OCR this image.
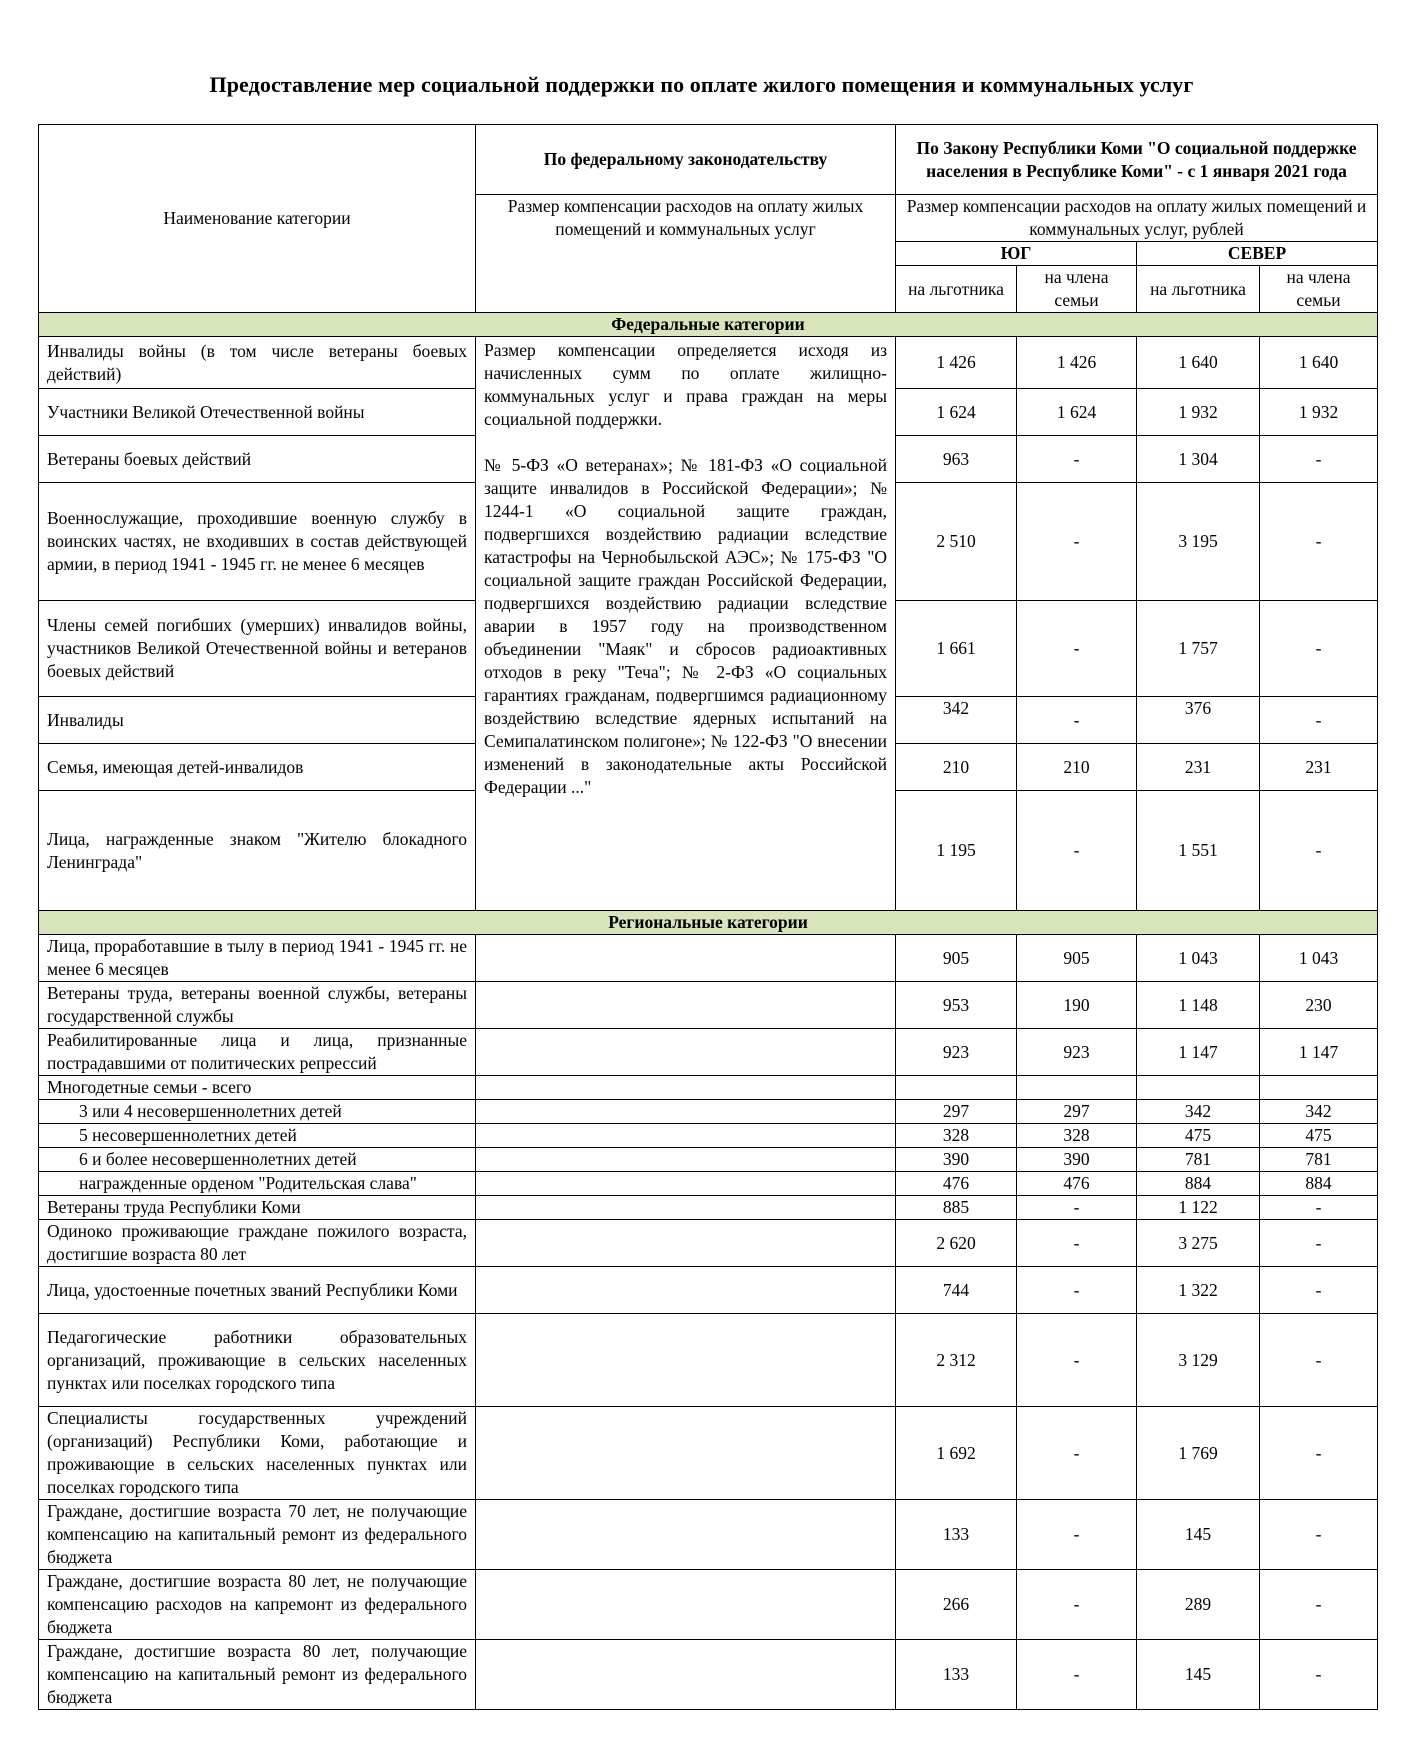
Предоставление мер социальной поддержки по оплате жилого помещения и коммунальных услуг
Наименование категории	По федеральному законодательству	По Закону Республики Коми "О социальной поддержке населения в Республике Коми" - с 1 января 2021 года			
	Размер компенсации расходов на оплату жилых помещений и коммунальных услуг	Размер компенсации расходов на оплату жилых помещений и коммунальных услуг, рублей			
		ЮГ		СЕВЕР	
		на льготника	на члена семьи	на льготника	на члена семьи
Федеральные категории					
Инвалиды войны (в том числе ветераны боевых действий)	Размер компенсации определяется исходя из начисленных сумм по оплате жилищно-коммунальных услуг и права граждан на меры социальной поддержки.

№ 5-ФЗ «О ветеранах»; № 181-ФЗ «О социальной защите инвалидов в Российской Федерации»; № 1244-1 «О социальной защите граждан, подвергшихся воздействию радиации вследствие катастрофы на Чернобыльской АЭС»; № 175-ФЗ "О социальной защите граждан Российской Федерации, подвергшихся воздействию радиации вследствие аварии в 1957 году на производственном объединении "Маяк" и сбросов радиоактивных отходов в реку "Теча"; № 2-ФЗ «О социальных гарантиях гражданам, подвергшимся радиационному воздействию вследствие ядерных испытаний на Семипалатинском полигоне»; № 122-ФЗ "О внесении изменений в законодательные акты Российской Федерации ..."	1 426	1 426	1 640	1 640
Участники Великой Отечественной войны		1 624	1 624	1 932	1 932
Ветераны боевых действий		963	-	1 304	-
Военнослужащие, проходившие военную службу в воинских частях, не входивших в состав действующей армии, в период 1941 - 1945 гг. не менее 6 месяцев		2 510	-	3 195	-
Члены семей погибших (умерших) инвалидов войны, участников Великой Отечественной войны и ветеранов боевых действий		1 661	-	1 757	-
Инвалиды		342	-	376	-
Семья, имеющая детей-инвалидов		210	210	231	231
Лица, награжденные знаком "Жителю блокадного Ленинграда"		1 195	-	1 551	-
Региональные категории					
Лица, проработавшие в тылу в период 1941 - 1945 гг. не менее 6 месяцев		905	905	1 043	1 043
Ветераны труда, ветераны военной службы, ветераны государственной службы		953	190	1 148	230
Реабилитированные лица и лица, признанные пострадавшими от политических репрессий		923	923	1 147	1 147
Многодетные семьи - всего					
3 или 4 несовершеннолетних детей		297	297	342	342
5 несовершеннолетних детей		328	328	475	475
6 и более несовершеннолетних детей		390	390	781	781
награжденные орденом "Родительская слава"		476	476	884	884
Ветераны труда Республики Коми		885	-	1 122	-
Одиноко проживающие граждане пожилого возраста, достигшие возраста 80 лет		2 620	-	3 275	-
Лица, удостоенные почетных званий Республики Коми		744	-	1 322	-
Педагогические работники образовательных организаций, проживающие в сельских населенных пунктах или поселках городского типа		2 312	-	3 129	-
Специалисты государственных учреждений (организаций) Республики Коми, работающие и проживающие в сельских населенных пунктах или поселках городского типа		1 692	-	1 769	-
Граждане, достигшие возраста 70 лет, не получающие компенсацию на капитальный ремонт из федерального бюджета		133	-	145	-
Граждане, достигшие возраста 80 лет, не получающие компенсацию расходов на капремонт из федерального бюджета		266	-	289	-
Граждане, достигшие возраста 80 лет, получающие компенсацию на капитальный ремонт из федерального бюджета		133	-	145	-
